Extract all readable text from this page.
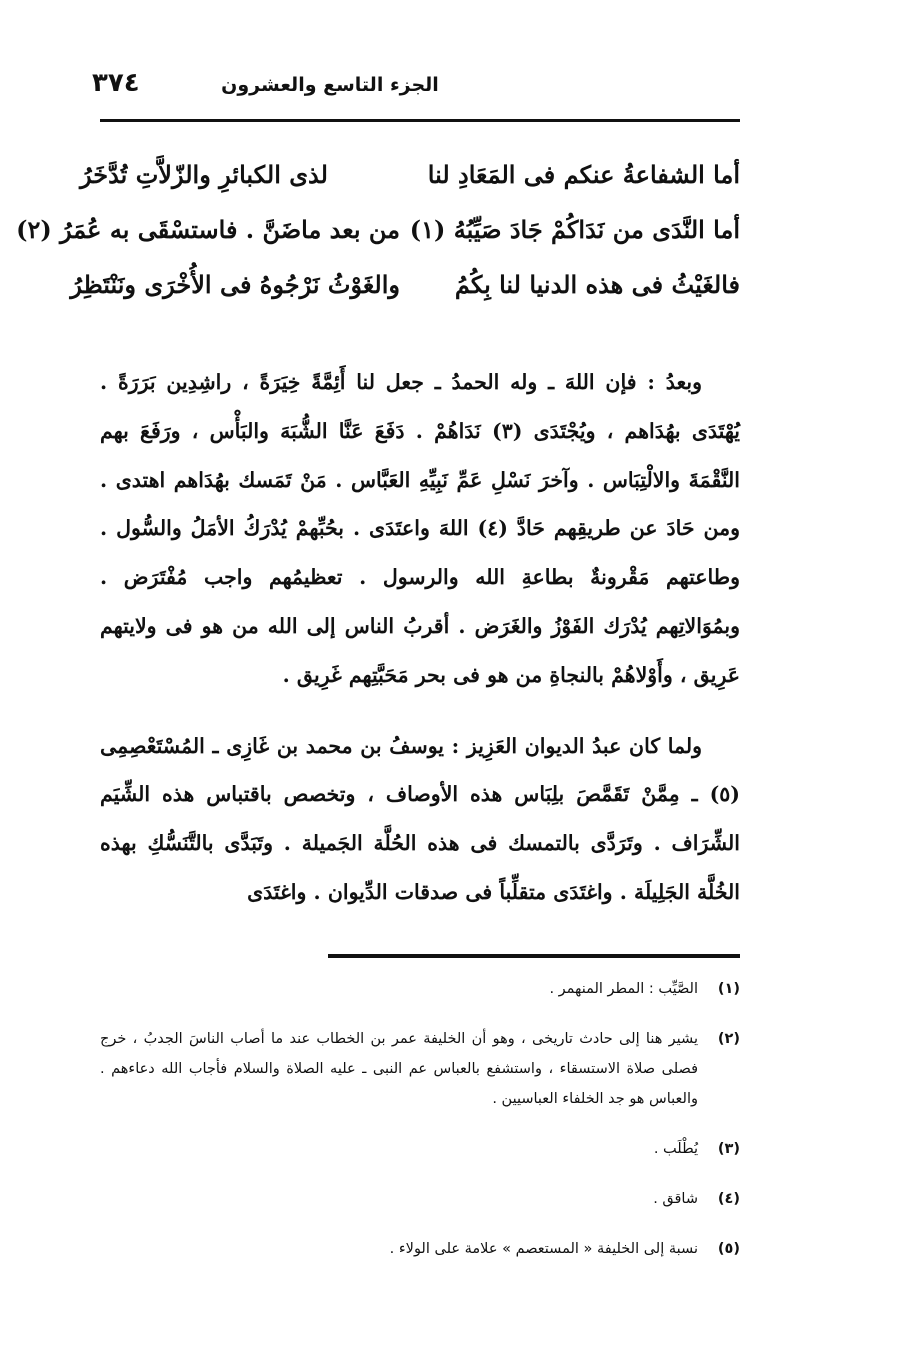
الجزء التاسع والعشرون
٣٧٤
أما الشفاعةُ عنكم فى المَعَادِ لنا
لذى الكبائرِ والزّلاَّتِ تُدَّخَرُ
أما النَّدَى من نَدَاكُمْ جَادَ صَيِّبُهُ (١)
من بعد ماضَنَّ . فاستسْقَى به عُمَرُ (٢)
فالغَيْثُ فى هذه الدنيا لنا بِكُمُ
والغَوْثُ نَرْجُوهُ فى الأُخْرَى ونَنْتَظِرُ

وبعدُ : فإن اللهَ ـ وله الحمدُ ـ جعل لنا أَئِمَّةً خِيَرَةً ، راشِدِين بَرَرَةً . يُهْتَدَى بهُدَاهم ، ويُجْتَدَى (٣) نَدَاهُمْ . دَفَعَ عَنَّا الشُّبَهَ والبَأْس ، ورَفَعَ بهم النَّقْمَةَ والالْتِبَاس . وآخرَ نَسْلِ عَمِّ نَبِيِّهِ العَبَّاس . مَنْ تَمَسك بهُدَاهم اهتدى . ومن حَادَ عن طريقِهم حَادَّ (٤) اللهَ واعتَدَى . بحُبِّهمْ يُدْرَكُ الأمَلُ والسُّول . وطاعتهم مَقْرونةٌ بطاعةِ الله والرسول . تعظيمُهم واجب مُفْتَرَض . وبمُوَالاتِهم يُدْرَك الفَوْزُ والغَرَض . أقربُ الناس إلى الله من هو فى ولايتهم عَرِيق ، وأَوْلاهُمْ بالنجاةِ من هو فى بحر مَحَبَّتِهم غَرِيق .

ولما كان عبدُ الديوان العَزِيز : يوسفُ بن محمد بن غَازِى ـ المُسْتَعْصِمِى (٥) ـ مِمَّنْ تَقَمَّصَ بلِبَاس هذه الأوصاف ، وتخصص باقتباس هذه الشِّيَم الشِّرَاف . وتَرَدَّى بالتمسك فى هذه الحُلَّة الجَميلة . وتَبَدَّى بالتَّنَسُّكِ بهذه الخُلَّة الجَلِيلَة . واغتَدَى متقلِّباً فى صدقات الدِّيوان . واغتَدَى

(١)
الصَّيِّب : المطر المنهمر .
(٢)
يشير هنا إلى حادث تاريخى ، وهو أن الخليفة عمر بن الخطاب عند ما أصاب الناسَ الجدبُ ، خرج فصلى صلاة الاستسقاء ، واستشفع بالعباس عم النبى ـ عليه الصلاة والسلام فأجاب الله دعاءهم . والعباس هو جد الخلفاء العباسيين .
(٣)
يُطْلَب .
(٤)
شاقق .
(٥)
نسبة إلى الخليفة « المستعصم » علامة على الولاء .
